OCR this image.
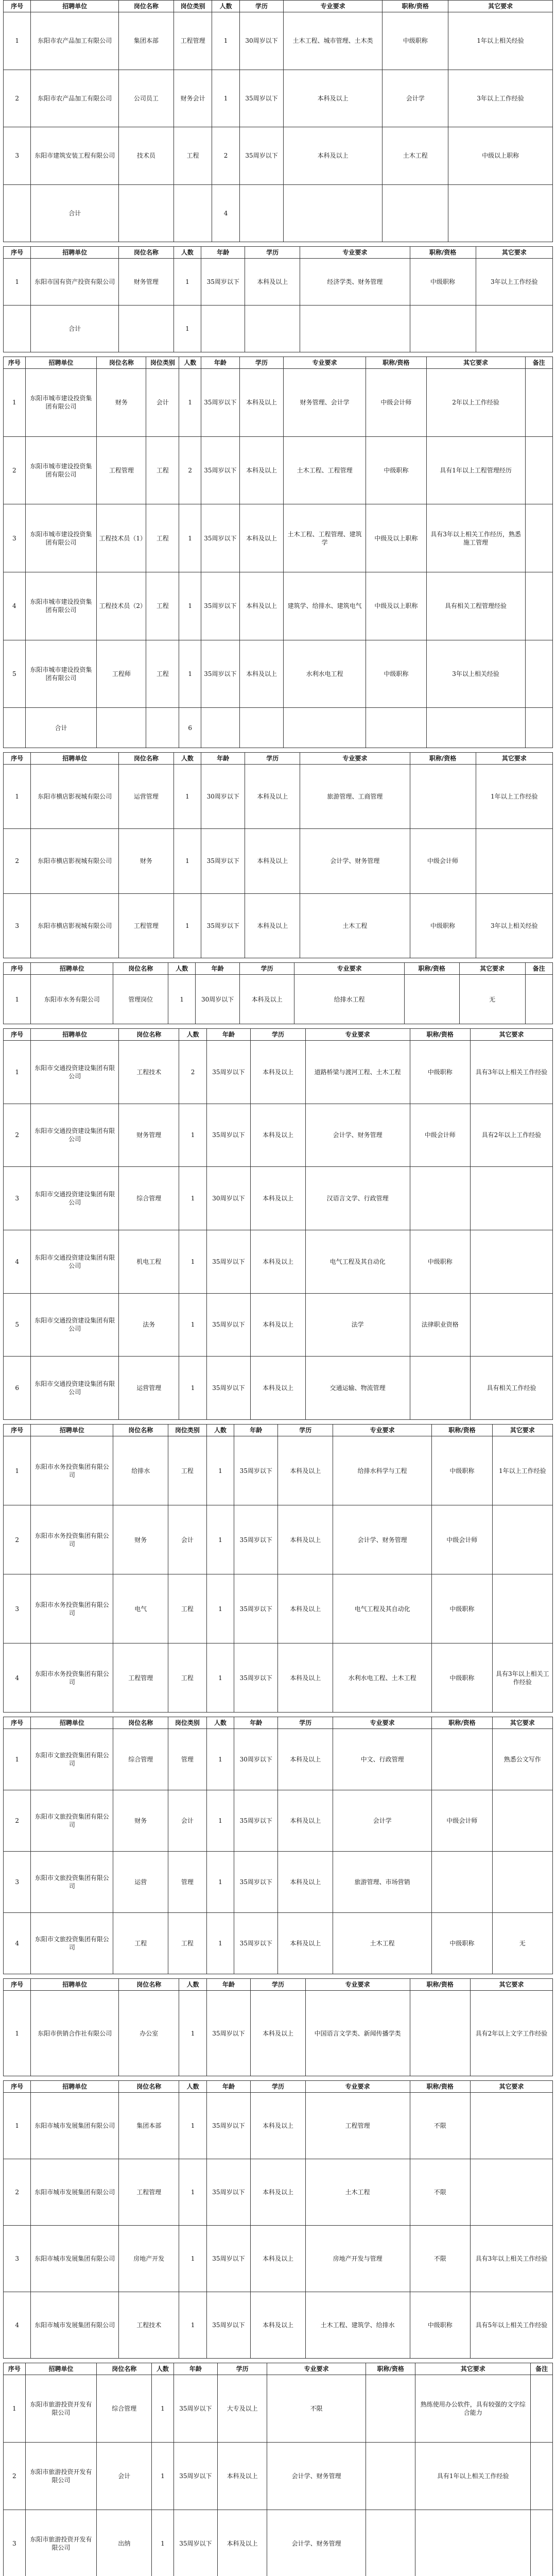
序号	招聘单位	岗位名称	岗位类别	人数	学历	专业要求	职称/资格	其它要求
1	东阳市农产品加工有限公司	集团本部	工程管理	1	30周岁以下	土木工程、城市管理、土木类	中级职称	1年以上相关经验
2	东阳市农产品加工有限公司	公司员工	财务会计	1	35周岁以下	本科及以上	会计学	3年以上工作经验
3	东阳市建筑安装工程有限公司	技术员	工程	2	35周岁以下	本科及以上	土木工程	中级以上职称
	合计			4				
序号	招聘单位	岗位名称	人数	年龄	学历	专业要求	职称/资格	其它要求
1	东阳市国有资产投资有限公司	财务管理	1	35周岁以下	本科及以上	经济学类、财务管理	中级职称	3年以上工作经验
	合计		1					
序号	招聘单位	岗位名称	岗位类别	人数	年龄	学历	专业要求	职称/资格	其它要求	备注
1	东阳市城市建设投资集团有限公司	财务	会计	1	35周岁以下	本科及以上	财务管理、会计学	中级会计师	2年以上工作经验	
2	东阳市城市建设投资集团有限公司	工程管理	工程	2	35周岁以下	本科及以上	土木工程、工程管理	中级职称	具有1年以上工程管理经历	
3	东阳市城市建设投资集团有限公司	工程技术员（1）	工程	1	35周岁以下	本科及以上	土木工程、工程管理、建筑学	中级及以上职称	具有3年以上相关工作经历，熟悉施工管理	
4	东阳市城市建设投资集团有限公司	工程技术员（2）	工程	1	35周岁以下	本科及以上	建筑学、给排水、建筑电气	中级及以上职称	具有相关工程管理经验	
5	东阳市城市建设投资集团有限公司	工程师	工程	1	35周岁以下	本科及以上	水利水电工程	中级职称	3年以上相关经验	
	合计			6						
序号	招聘单位	岗位名称	人数	年龄	学历	专业要求	职称/资格	其它要求
1	东阳市横店影视城有限公司	运营管理	1	30周岁以下	本科及以上	旅游管理、工商管理		1年以上工作经验
2	东阳市横店影视城有限公司	财务	1	35周岁以下	本科及以上	会计学、财务管理	中级会计师	
3	东阳市横店影视城有限公司	工程管理	1	35周岁以下	本科及以上	土木工程	中级职称	3年以上相关经验
序号	招聘单位	岗位名称	人数	年龄	学历	专业要求	职称/资格	其它要求	备注
1	东阳市水务有限公司	管理岗位	1	30周岁以下	本科及以上	给排水工程		无	
序号	招聘单位	岗位名称	人数	年龄	学历	专业要求	职称/资格	其它要求
1	东阳市交通投资建设集团有限公司	工程技术	2	35周岁以下	本科及以上	道路桥梁与渡河工程、土木工程	中级职称	具有3年以上相关工作经验
2	东阳市交通投资建设集团有限公司	财务管理	1	35周岁以下	本科及以上	会计学、财务管理	中级会计师	具有2年以上工作经验
3	东阳市交通投资建设集团有限公司	综合管理	1	30周岁以下	本科及以上	汉语言文学、行政管理		
4	东阳市交通投资建设集团有限公司	机电工程	1	35周岁以下	本科及以上	电气工程及其自动化	中级职称	
5	东阳市交通投资建设集团有限公司	法务	1	35周岁以下	本科及以上	法学	法律职业资格	
6	东阳市交通投资建设集团有限公司	运营管理	1	35周岁以下	本科及以上	交通运输、物流管理		具有相关工作经验
序号	招聘单位	岗位名称	岗位类别	人数	年龄	学历	专业要求	职称/资格	其它要求
1	东阳市水务投资集团有限公司	给排水	工程	1	35周岁以下	本科及以上	给排水科学与工程	中级职称	1年以上工作经验
2	东阳市水务投资集团有限公司	财务	会计	1	35周岁以下	本科及以上	会计学、财务管理	中级会计师	
3	东阳市水务投资集团有限公司	电气	工程	1	35周岁以下	本科及以上	电气工程及其自动化	中级职称	
4	东阳市水务投资集团有限公司	工程管理	工程	1	35周岁以下	本科及以上	水利水电工程、土木工程	中级职称	具有3年以上相关工作经验
序号	招聘单位	岗位名称	岗位类别	人数	年龄	学历	专业要求	职称/资格	其它要求
1	东阳市文旅投资集团有限公司	综合管理	管理	1	30周岁以下	本科及以上	中文、行政管理		熟悉公文写作
2	东阳市文旅投资集团有限公司	财务	会计	1	35周岁以下	本科及以上	会计学	中级会计师	
3	东阳市文旅投资集团有限公司	运营	管理	1	35周岁以下	本科及以上	旅游管理、市场营销		
4	东阳市文旅投资集团有限公司	工程	工程	1	35周岁以下	本科及以上	土木工程	中级职称	无
序号	招聘单位	岗位名称	人数	年龄	学历	专业要求	职称/资格	其它要求
1	东阳市供销合作社有限公司	办公室	1	35周岁以下	本科及以上	中国语言文学类、新闻传播学类		具有2年以上文字工作经验
序号	招聘单位	岗位名称	人数	年龄	学历	专业要求	职称/资格	其它要求
1	东阳市城市发展集团有限公司	集团本部	1	35周岁以下	本科及以上	工程管理	不限	
2	东阳市城市发展集团有限公司	工程管理	1	35周岁以下	本科及以上	土木工程	不限	
3	东阳市城市发展集团有限公司	房地产开发	1	35周岁以下	本科及以上	房地产开发与管理	不限	具有3年以上相关工作经验
4	东阳市城市发展集团有限公司	工程技术	1	35周岁以下	本科及以上	土木工程、建筑学、给排水	中级职称	具有5年以上相关工作经验
序号	招聘单位	岗位名称	人数	年龄	学历	专业要求	职称/资格	其它要求	备注
1	东阳市旅游投资开发有限公司	综合管理	1	35周岁以下	大专及以上	不限		熟练使用办公软件，具有较强的文字综合能力	
2	东阳市旅游投资开发有限公司	会计	1	35周岁以下	本科及以上	会计学、财务管理		具有1年以上相关工作经验	
3	东阳市旅游投资开发有限公司	出纳	1	35周岁以下	本科及以上	会计学、财务管理			
